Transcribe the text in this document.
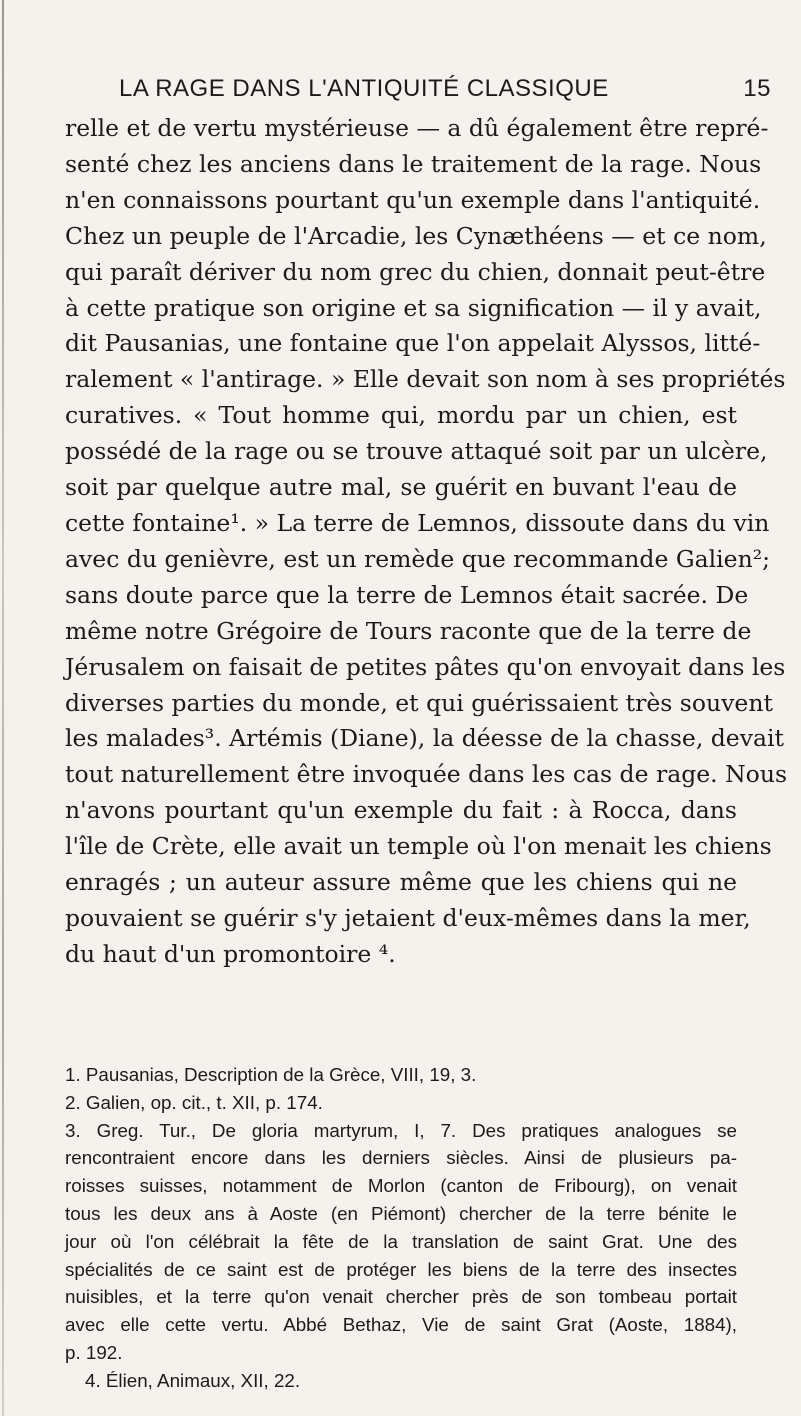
LA RAGE DANS L'ANTIQUITÉ CLASSIQUE	15
relle et de vertu mystérieuse — a dû également être repré-
senté chez les anciens dans le traitement de la rage. Nous
n'en connaissons pourtant qu'un exemple dans l'antiquité.
Chez un peuple de l'Arcadie, les Cynæthéens — et ce nom,
qui paraît dériver du nom grec du chien, donnait peut-être
à cette pratique son origine et sa signification — il y avait,
dit Pausanias, une fontaine que l'on appelait Alyssos, litté-
ralement « l'antirage. » Elle devait son nom à ses propriétés
curatives. « Tout homme qui, mordu par un chien, est
possédé de la rage ou se trouve attaqué soit par un ulcère,
soit par quelque autre mal, se guérit en buvant l'eau de
cette fontaine¹. » La terre de Lemnos, dissoute dans du vin
avec du genièvre, est un remède que recommande Galien²;
sans doute parce que la terre de Lemnos était sacrée. De
même notre Grégoire de Tours raconte que de la terre de
Jérusalem on faisait de petites pâtes qu'on envoyait dans les
diverses parties du monde, et qui guérissaient très souvent
les malades³. Artémis (Diane), la déesse de la chasse, devait
tout naturellement être invoquée dans les cas de rage. Nous
n'avons pourtant qu'un exemple du fait : à Rocca, dans
l'île de Crète, elle avait un temple où l'on menait les chiens
enragés ; un auteur assure même que les chiens qui ne
pouvaient se guérir s'y jetaient d'eux-mêmes dans la mer,
du haut d'un promontoire ⁴.
1. Pausanias, Description de la Grèce, VIII, 19, 3.
2. Galien, op. cit., t. XII, p. 174.
3. Greg. Tur., De gloria martyrum, I, 7. Des pratiques analogues se
rencontraient encore dans les derniers siècles. Ainsi de plusieurs pa-
roisses suisses, notamment de Morlon (canton de Fribourg), on venait
tous les deux ans à Aoste (en Piémont) chercher de la terre bénite le
jour où l'on célébrait la fête de la translation de saint Grat. Une des
spécialités de ce saint est de protéger les biens de la terre des insectes
nuisibles, et la terre qu'on venait chercher près de son tombeau portait
avec elle cette vertu. Abbé Bethaz, Vie de saint Grat (Aoste, 1884),
p. 192.
4. Élien, Animaux, XII, 22.
